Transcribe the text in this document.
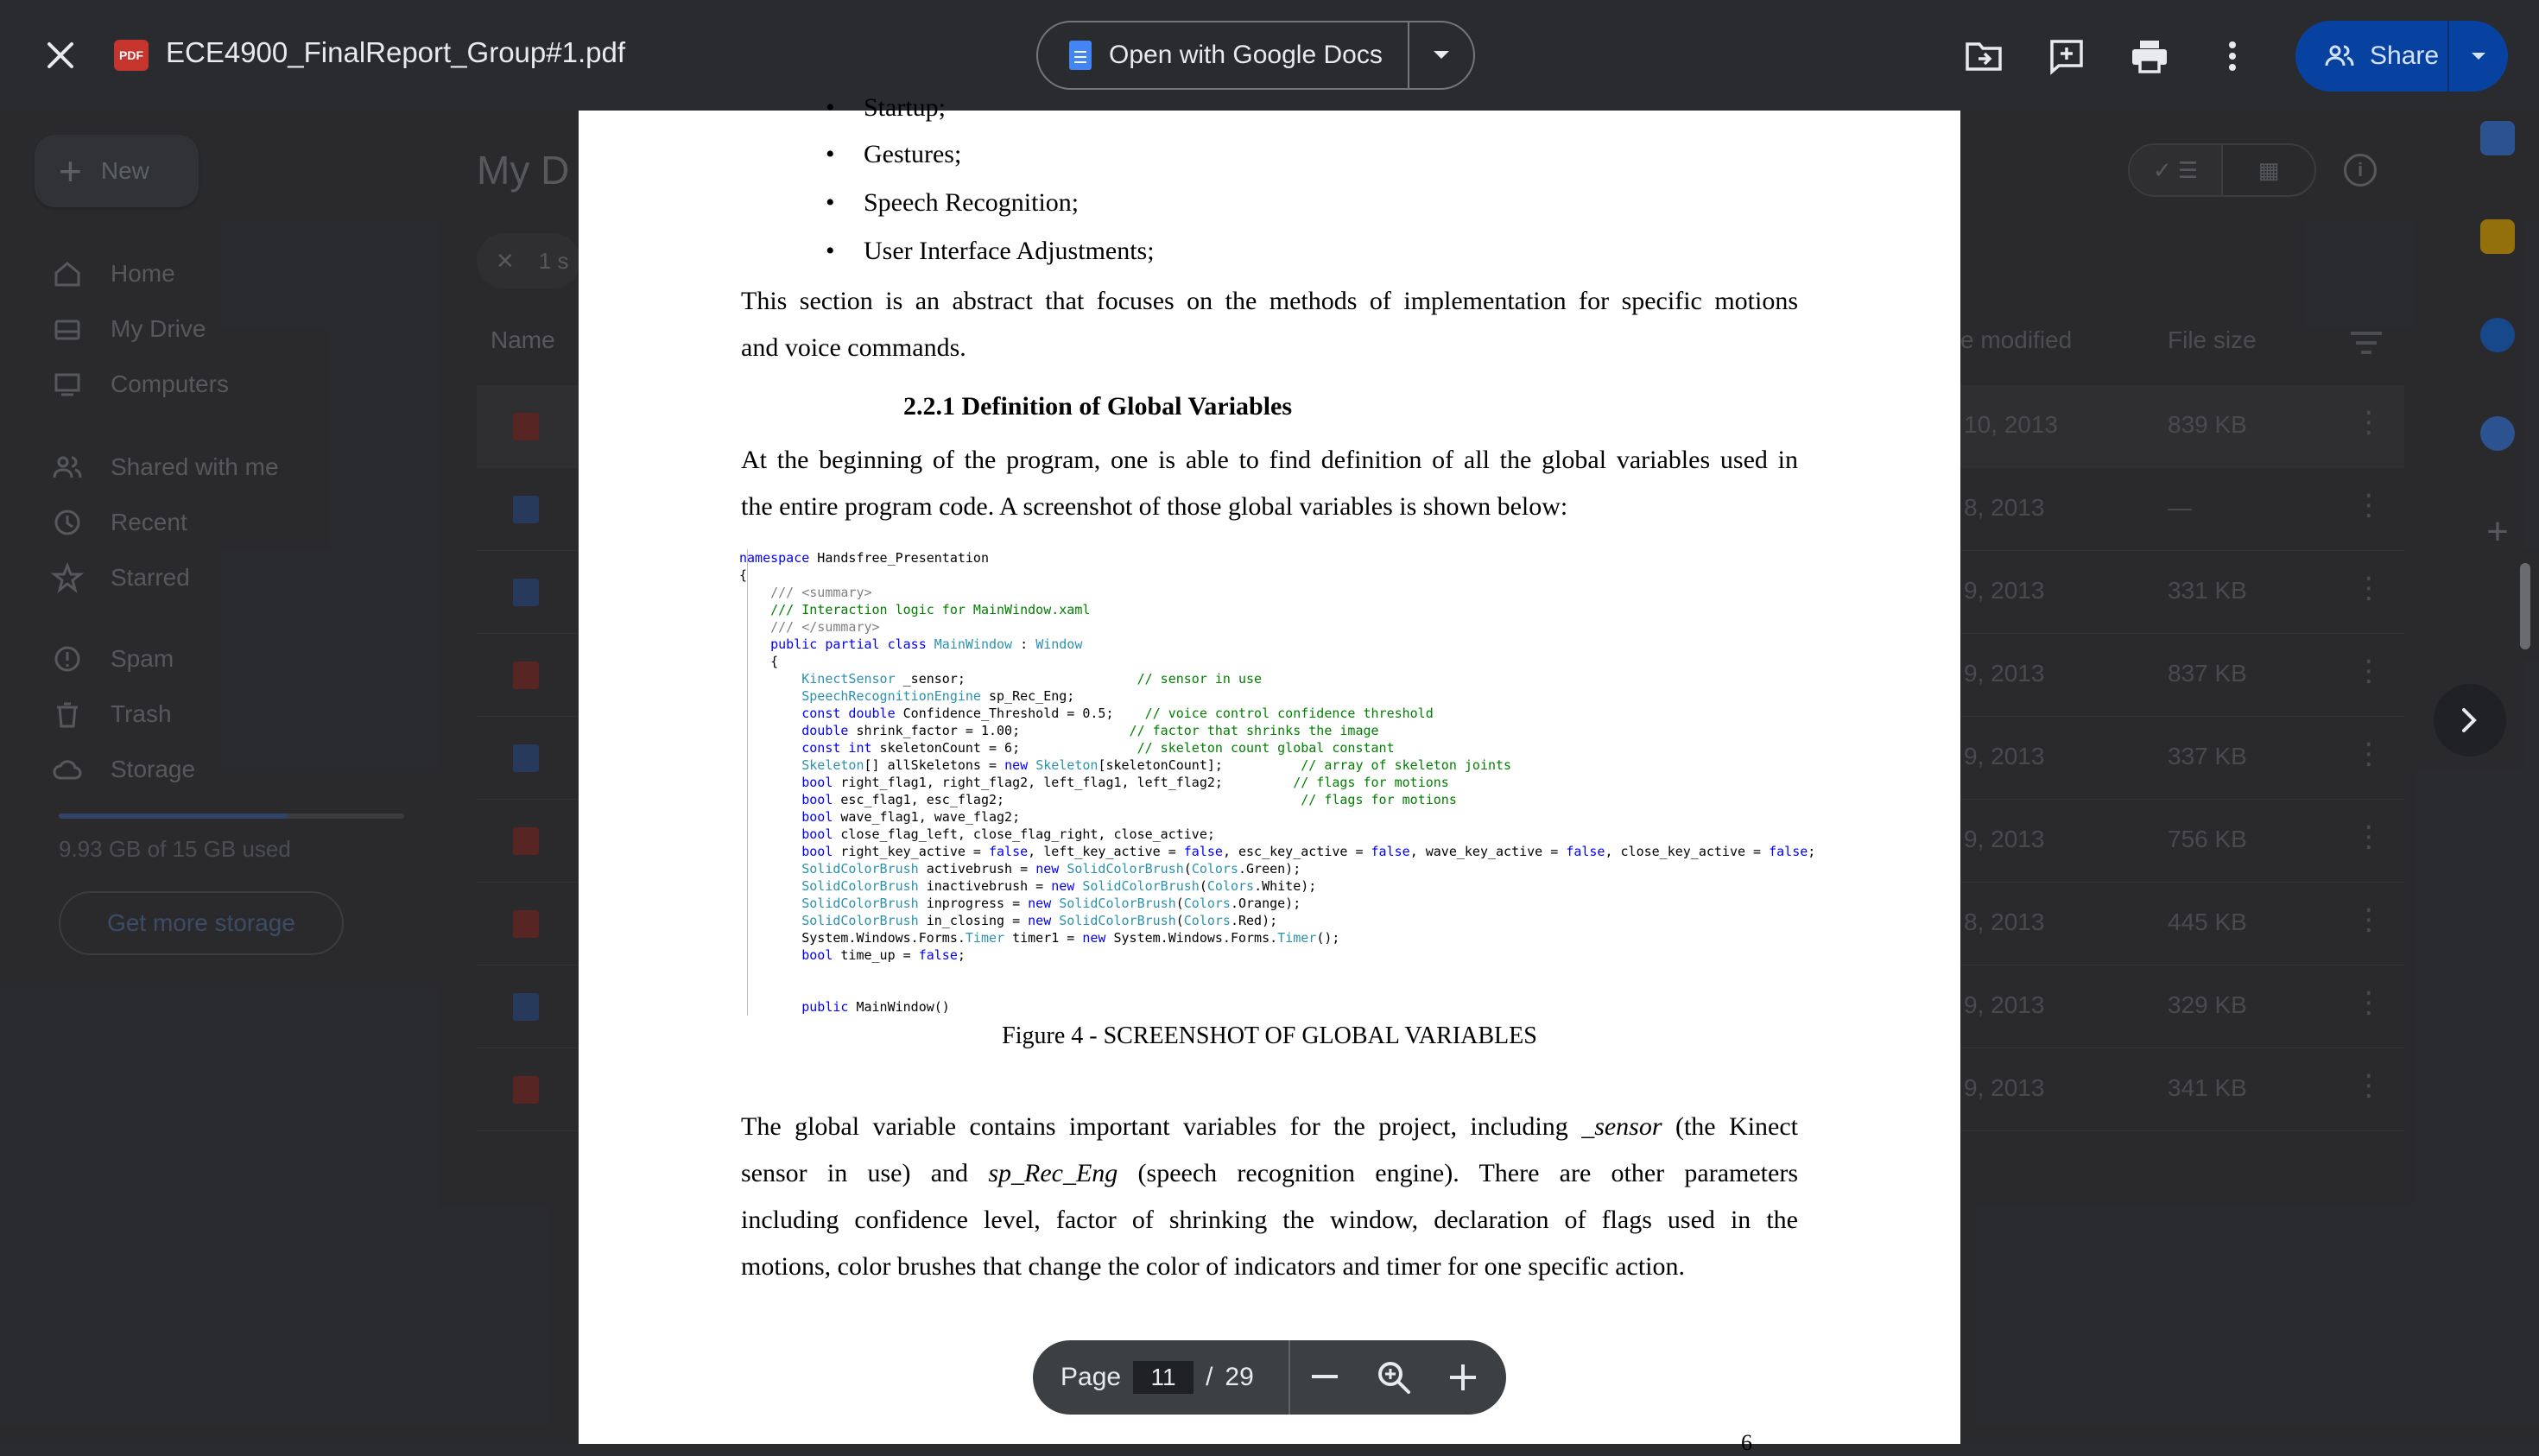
+ New
Home
My Drive
Computers
Shared with me
Recent
Starred
Spam
Trash
Storage
9.93 GB of 15 GB used
Get more storage
My D
✕ 1 s
Name	e modified	File size
10, 2013	839 KB	⋮
8, 2013	—	⋮
9, 2013	331 KB	⋮
9, 2013	837 KB	⋮
9, 2013	337 KB	⋮
9, 2013	756 KB	⋮
8, 2013	445 KB	⋮
9, 2013	329 KB	⋮
9, 2013	341 KB	⋮
✓ ☰	▦	i
+
PDF ECE4900_FinalReport_Group#1.pdf	Open with Google Docs	Share
• Startup;
• Gestures;
• Speech Recognition;
• User Interface Adjustments;
This section is an abstract that focuses on the methods of implementation for specific motions
and voice commands.
2.2.1 Definition of Global Variables
At the beginning of the program, one is able to find definition of all the global variables used in
the entire program code. A screenshot of those global variables is shown below:
namespace Handsfree_Presentation
{
/// <summary>
/// Interaction logic for MainWindow.xaml
/// </summary>
public partial class MainWindow : Window
{
KinectSensor _sensor;                      // sensor in use
SpeechRecognitionEngine sp_Rec_Eng;
const double Confidence_Threshold = 0.5;    // voice control confidence threshold
double shrink_factor = 1.00;              // factor that shrinks the image
const int skeletonCount = 6;               // skeleton count global constant
Skeleton[] allSkeletons = new Skeleton[skeletonCount];          // array of skeleton joints
bool right_flag1, right_flag2, left_flag1, left_flag2;         // flags for motions
bool esc_flag1, esc_flag2;                                      // flags for motions
bool wave_flag1, wave_flag2;
bool close_flag_left, close_flag_right, close_active;
bool right_key_active = false, left_key_active = false, esc_key_active = false, wave_key_active = false, close_key_active = false;
SolidColorBrush activebrush = new SolidColorBrush(Colors.Green);
SolidColorBrush inactivebrush = new SolidColorBrush(Colors.White);
SolidColorBrush inprogress = new SolidColorBrush(Colors.Orange);
SolidColorBrush in_closing = new SolidColorBrush(Colors.Red);
System.Windows.Forms.Timer timer1 = new System.Windows.Forms.Timer();
bool time_up = false;
public MainWindow()
Figure 4 - SCREENSHOT OF GLOBAL VARIABLES
The global variable contains important variables for the project, including _sensor (the Kinect
sensor in use) and sp_Rec_Eng (speech recognition engine). There are other parameters
including confidence level, factor of shrinking the window, declaration of flags used in the
motions, color brushes that change the color of indicators and timer for one specific action.
6
Page
11	/ 29
